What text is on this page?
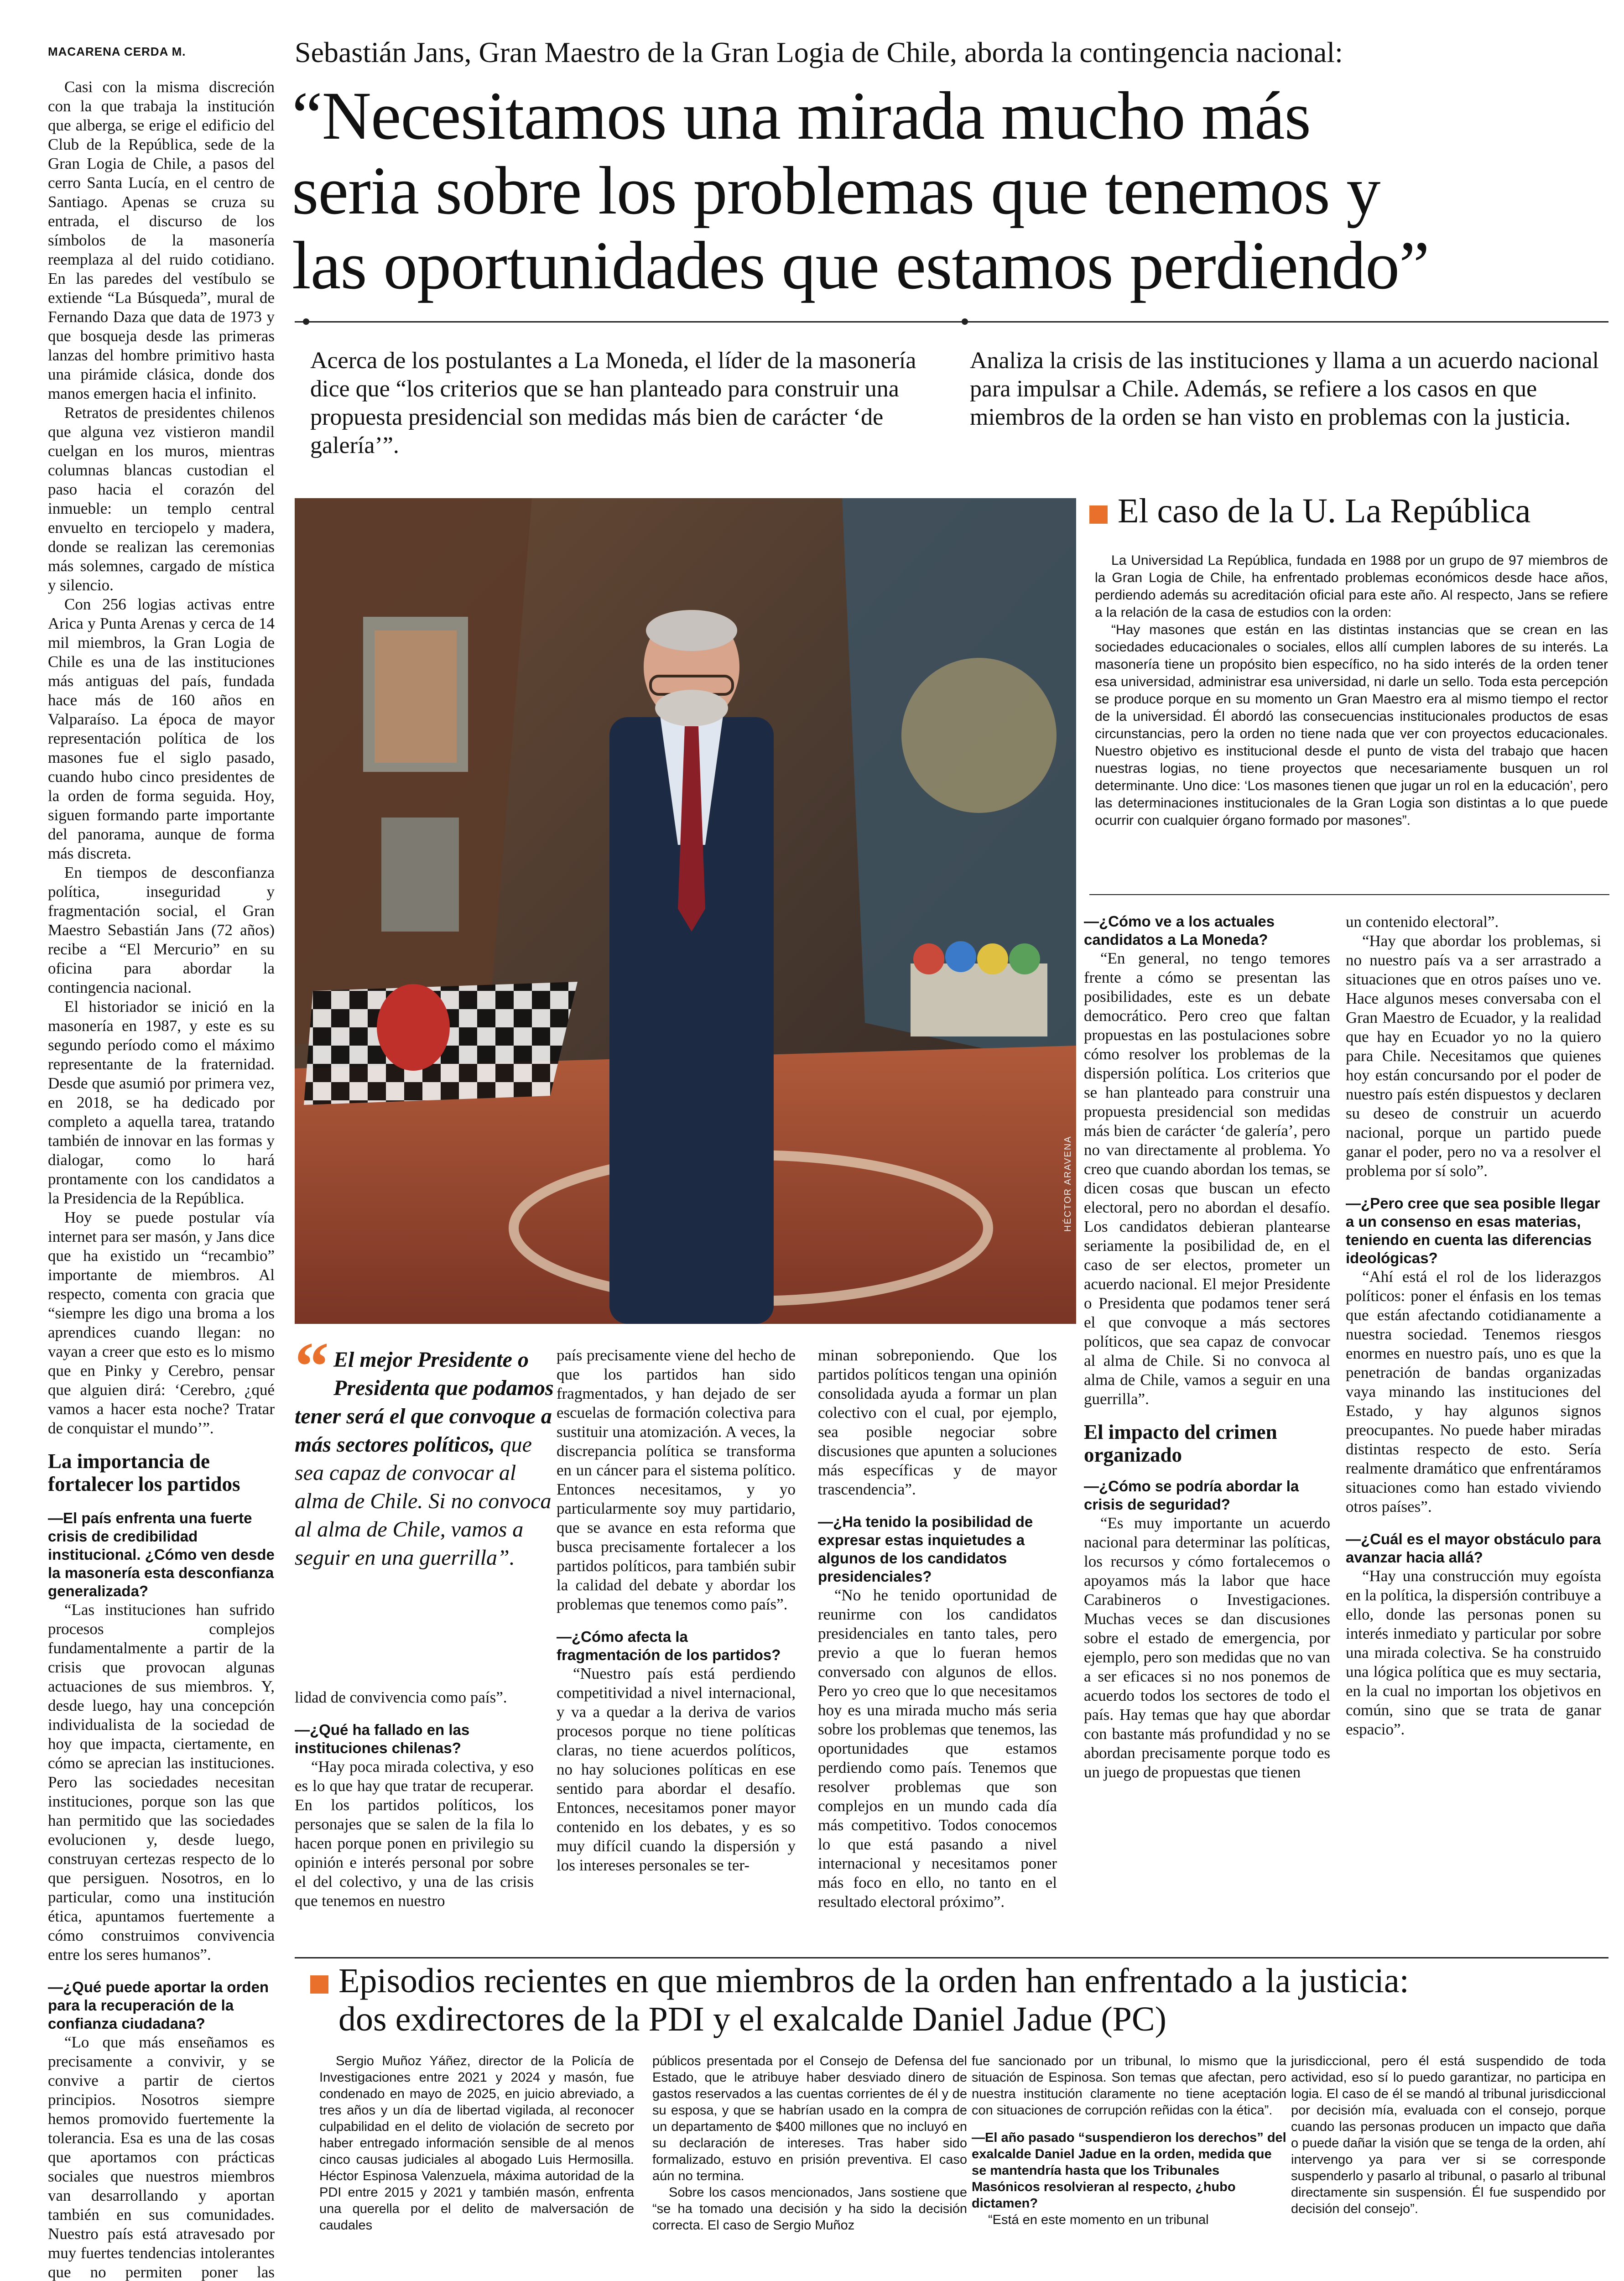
MACARENA CERDA M.	Sebastián Jans, Gran Maestro de la Gran Logia de Chile, aborda la contingencia nacional:
“Necesitamos una mirada mucho más
seria sobre los problemas que tenemos y
las oportunidades que estamos perdiendo”
Acerca de los postulantes a La Moneda, el líder de la masonería dice que “los criterios que se han planteado para construir una propuesta presidencial son medidas más bien de carácter ‘de galería’”.
Analiza la crisis de las instituciones y llama a un acuerdo nacional para impulsar a Chile. Además, se refiere a los casos en que miembros de la orden se han visto en problemas con la justicia.

Casi con la misma discreción con la que trabaja la institución que alberga, se erige el edificio del Club de la República, sede de la Gran Logia de Chile, a pasos del cerro Santa Lucía, en el centro de Santiago. Apenas se cruza su entrada, el discurso de los símbolos de la masonería reemplaza al del ruido cotidiano. En las paredes del vestíbulo se extiende “La Búsqueda”, mural de Fernando Daza que data de 1973 y que bosqueja desde las primeras lanzas del hombre primitivo hasta una pirámide clásica, donde dos manos emergen hacia el infinito.

Retratos de presidentes chilenos que alguna vez vistieron mandil cuelgan en los muros, mientras columnas blancas custodian el paso hacia el corazón del inmueble: un templo central envuelto en terciopelo y madera, donde se realizan las ceremonias más solemnes, cargado de mística y silencio.

Con 256 logias activas entre Arica y Punta Arenas y cerca de 14 mil miembros, la Gran Logia de Chile es una de las instituciones más antiguas del país, fundada hace más de 160 años en Valparaíso. La época de mayor representación política de los masones fue el siglo pasado, cuando hubo cinco presidentes de la orden de forma seguida. Hoy, siguen formando parte importante del panorama, aunque de forma más discreta.

En tiempos de desconfianza política, inseguridad y fragmentación social, el Gran Maestro Sebastián Jans (72 años) recibe a “El Mercurio” en su oficina para abordar la contingencia nacional.

El historiador se inició en la masonería en 1987, y este es su segundo período como el máximo representante de la fraternidad. Desde que asumió por primera vez, en 2018, se ha dedicado por completo a aquella tarea, tratando también de innovar en las formas y dialogar, como lo hará prontamente con los candidatos a la Presidencia de la República.

Hoy se puede postular vía internet para ser masón, y Jans dice que ha existido un “recambio” importante de miembros. Al respecto, comenta con gracia que “siempre les digo una broma a los aprendices cuando llegan: no vayan a creer que esto es lo mismo que en Pinky y Cerebro, pensar que alguien dirá: ‘Cerebro, ¿qué vamos a hacer esta noche? Tratar de conquistar el mundo’”.

La importancia de fortalecer los partidos
—El país enfrenta una fuerte crisis de credibilidad institucional. ¿Cómo ven desde la masonería esta desconfianza generalizada?

“Las instituciones han sufrido procesos complejos fundamentalmente a partir de la crisis que provocan algunas actuaciones de sus miembros. Y, desde luego, hay una concepción individualista de la sociedad de hoy que impacta, ciertamente, en cómo se aprecian las instituciones. Pero las sociedades necesitan instituciones, porque son las que han permitido que las sociedades evolucionen y, desde luego, construyan certezas respecto de lo que persiguen. Nosotros, en lo particular, como una institución ética, apuntamos fuertemente a cómo construimos convivencia entre los seres humanos”.

—¿Qué puede aportar la orden para la recuperación de la confianza ciudadana?

“Lo que más enseñamos es precisamente a convivir, y se convive a partir de ciertos principios. Nosotros siempre hemos promovido fuertemente la tolerancia. Esa es una de las cosas que aportamos con prácticas sociales que nuestros miembros van desarrollando y aportan también en sus comunidades. Nuestro país está atravesado por muy fuertes tendencias intolerantes que no permiten poner las

HÉCTOR ARAVENA
El caso de la U. La República

La Universidad La República, fundada en 1988 por un grupo de 97 miembros de la Gran Logia de Chile, ha enfrentado problemas económicos desde hace años, perdiendo además su acreditación oficial para este año. Al respecto, Jans se refiere a la relación de la casa de estudios con la orden:

“Hay masones que están en las distintas instancias que se crean en las sociedades educacionales o sociales, ellos allí cumplen labores de su interés. La masonería tiene un propósito bien específico, no ha sido interés de la orden tener esa universidad, administrar esa universidad, ni darle un sello. Toda esta percepción se produce porque en su momento un Gran Maestro era al mismo tiempo el rector de la universidad. Él abordó las consecuencias institucionales productos de esas circunstancias, pero la orden no tiene nada que ver con proyectos educacionales. Nuestro objetivo es institucional desde el punto de vista del trabajo que hacen nuestras logias, no tiene proyectos que necesariamente busquen un rol determinante. Uno dice: ‘Los masones tienen que jugar un rol en la educación’, pero las determinaciones institucionales de la Gran Logia son distintas a lo que puede ocurrir con cualquier órgano formado por masones”.

“ El mejor Presidente o Presidenta que podamos tener será el que convoque a más sectores políticos, que sea capaz de convocar al alma de Chile. Si no convoca al alma de Chile, vamos a seguir en una guerrilla”.

lidad de convivencia como país”.

—¿Qué ha fallado en las instituciones chilenas?

“Hay poca mirada colectiva, y eso es lo que hay que tratar de recuperar. En los partidos políticos, los personajes que se salen de la fila lo hacen porque ponen en privilegio su opinión e interés personal por sobre el del colectivo, y una de las crisis que tenemos en nuestro

país precisamente viene del hecho de que los partidos han sido fragmentados, y han dejado de ser escuelas de formación colectiva para sustituir una atomización. A veces, la discrepancia política se transforma en un cáncer para el sistema político. Entonces necesitamos, y yo particularmente soy muy partidario, que se avance en esta reforma que busca precisamente fortalecer a los partidos políticos, para también subir la calidad del debate y abordar los problemas que tenemos como país”.

—¿Cómo afecta la fragmentación de los partidos?

“Nuestro país está perdiendo competitividad a nivel internacional, y va a quedar a la deriva de varios procesos porque no tiene políticas claras, no tiene acuerdos políticos, no hay soluciones políticas en ese sentido para abordar el desafío. Entonces, necesitamos poner mayor contenido en los debates, y es so muy difícil cuando la dispersión y los intereses personales se ter-

minan sobreponiendo. Que los partidos políticos tengan una opinión consolidada ayuda a formar un plan colectivo con el cual, por ejemplo, sea posible negociar sobre discusiones que apunten a soluciones más específicas y de mayor trascendencia”.

—¿Ha tenido la posibilidad de expresar estas inquietudes a algunos de los candidatos presidenciales?

“No he tenido oportunidad de reunirme con los candidatos presidenciales en tanto tales, pero previo a que lo fueran hemos conversado con algunos de ellos. Pero yo creo que lo que necesitamos hoy es una mirada mucho más seria sobre los problemas que tenemos, las oportunidades que estamos perdiendo como país. Tenemos que resolver problemas que son complejos en un mundo cada día más competitivo. Todos conocemos lo que está pasando a nivel internacional y necesitamos poner más foco en ello, no tanto en el resultado electoral próximo”.

—¿Cómo ve a los actuales candidatos a La Moneda?

“En general, no tengo temores frente a cómo se presentan las posibilidades, este es un debate democrático. Pero creo que faltan propuestas en las postulaciones sobre cómo resolver los problemas de la dispersión política. Los criterios que se han planteado para construir una propuesta presidencial son medidas más bien de carácter ‘de galería’, pero no van directamente al problema. Yo creo que cuando abordan los temas, se dicen cosas que buscan un efecto electoral, pero no abordan el desafío. Los candidatos debieran plantearse seriamente la posibilidad de, en el caso de ser electos, prometer un acuerdo nacional. El mejor Presidente o Presidenta que podamos tener será el que convoque a más sectores políticos, que sea capaz de convocar al alma de Chile. Si no convoca al alma de Chile, vamos a seguir en una guerrilla”.

El impacto del crimen organizado
—¿Cómo se podría abordar la crisis de seguridad?

“Es muy importante un acuerdo nacional para determinar las políticas, los recursos y cómo fortalecemos o apoyamos más la labor que hace Carabineros o Investigaciones. Muchas veces se dan discusiones sobre el estado de emergencia, por ejemplo, pero son medidas que no van a ser eficaces si no nos ponemos de acuerdo todos los sectores de todo el país. Hay temas que hay que abordar con bastante más profundidad y no se abordan precisamente porque todo es un juego de propuestas que tienen

un contenido electoral”.

“Hay que abordar los problemas, si no nuestro país va a ser arrastrado a situaciones que en otros países uno ve. Hace algunos meses conversaba con el Gran Maestro de Ecuador, y la realidad que hay en Ecuador yo no la quiero para Chile. Necesitamos que quienes hoy están concursando por el poder de nuestro país estén dispuestos y declaren su deseo de construir un acuerdo nacional, porque un partido puede ganar el poder, pero no va a resolver el problema por sí solo”.

—¿Pero cree que sea posible llegar a un consenso en esas materias, teniendo en cuenta las diferencias ideológicas?

“Ahí está el rol de los liderazgos políticos: poner el énfasis en los temas que están afectando cotidianamente a nuestra sociedad. Tenemos riesgos enormes en nuestro país, uno es que la penetración de bandas organizadas vaya minando las instituciones del Estado, y hay algunos signos preocupantes. No puede haber miradas distintas respecto de esto. Sería realmente dramático que enfrentáramos situaciones como han estado viviendo otros países”.

—¿Cuál es el mayor obstáculo para avanzar hacia allá?

“Hay una construcción muy egoísta en la política, la dispersión contribuye a ello, donde las personas ponen su interés inmediato y particular por sobre una mirada colectiva. Se ha construido una lógica política que es muy sectaria, en la cual no importan los objetivos en común, sino que se trata de ganar espacio”.

Episodios recientes en que miembros de la orden han enfrentado a la justicia:
dos exdirectores de la PDI y el exalcalde Daniel Jadue (PC)

Sergio Muñoz Yáñez, director de la Policía de Investigaciones entre 2021 y 2024 y masón, fue condenado en mayo de 2025, en juicio abreviado, a tres años y un día de libertad vigilada, al reconocer culpabilidad en el delito de violación de secreto por haber entregado información sensible de al menos cinco causas judiciales al abogado Luis Hermosilla. Héctor Espinosa Valenzuela, máxima autoridad de la PDI entre 2015 y 2021 y también masón, enfrenta una querella por el delito de malversación de caudales

públicos presentada por el Consejo de Defensa del Estado, que le atribuye haber desviado dinero de gastos reservados a las cuentas corrientes de él y de su esposa, y que se habrían usado en la compra de un departamento de $400 millones que no incluyó en su declaración de intereses. Tras haber sido formalizado, estuvo en prisión preventiva. El caso aún no termina.

Sobre los casos mencionados, Jans sostiene que “se ha tomado una decisión y ha sido la decisión correcta. El caso de Sergio Muñoz

fue sancionado por un tribunal, lo mismo que la situación de Espinosa. Son temas que afectan, pero nuestra institución claramente no tiene aceptación con situaciones de corrupción reñidas con la ética”.

—El año pasado “suspendieron los derechos” del exalcalde Daniel Jadue en la orden, medida que se mantendría hasta que los Tribunales Masónicos resolvieran al respecto, ¿hubo dictamen?

“Está en este momento en un tribunal

jurisdiccional, pero él está suspendido de toda actividad, eso sí lo puedo garantizar, no participa en logia. El caso de él se mandó al tribunal jurisdiccional por decisión mía, evaluada con el consejo, porque cuando las personas producen un impacto que daña o puede dañar la visión que se tenga de la orden, ahí intervengo ya para ver si se corresponde suspenderlo y pasarlo al tribunal, o pasarlo al tribunal directamente sin suspensión. Él fue suspendido por decisión del consejo”.
